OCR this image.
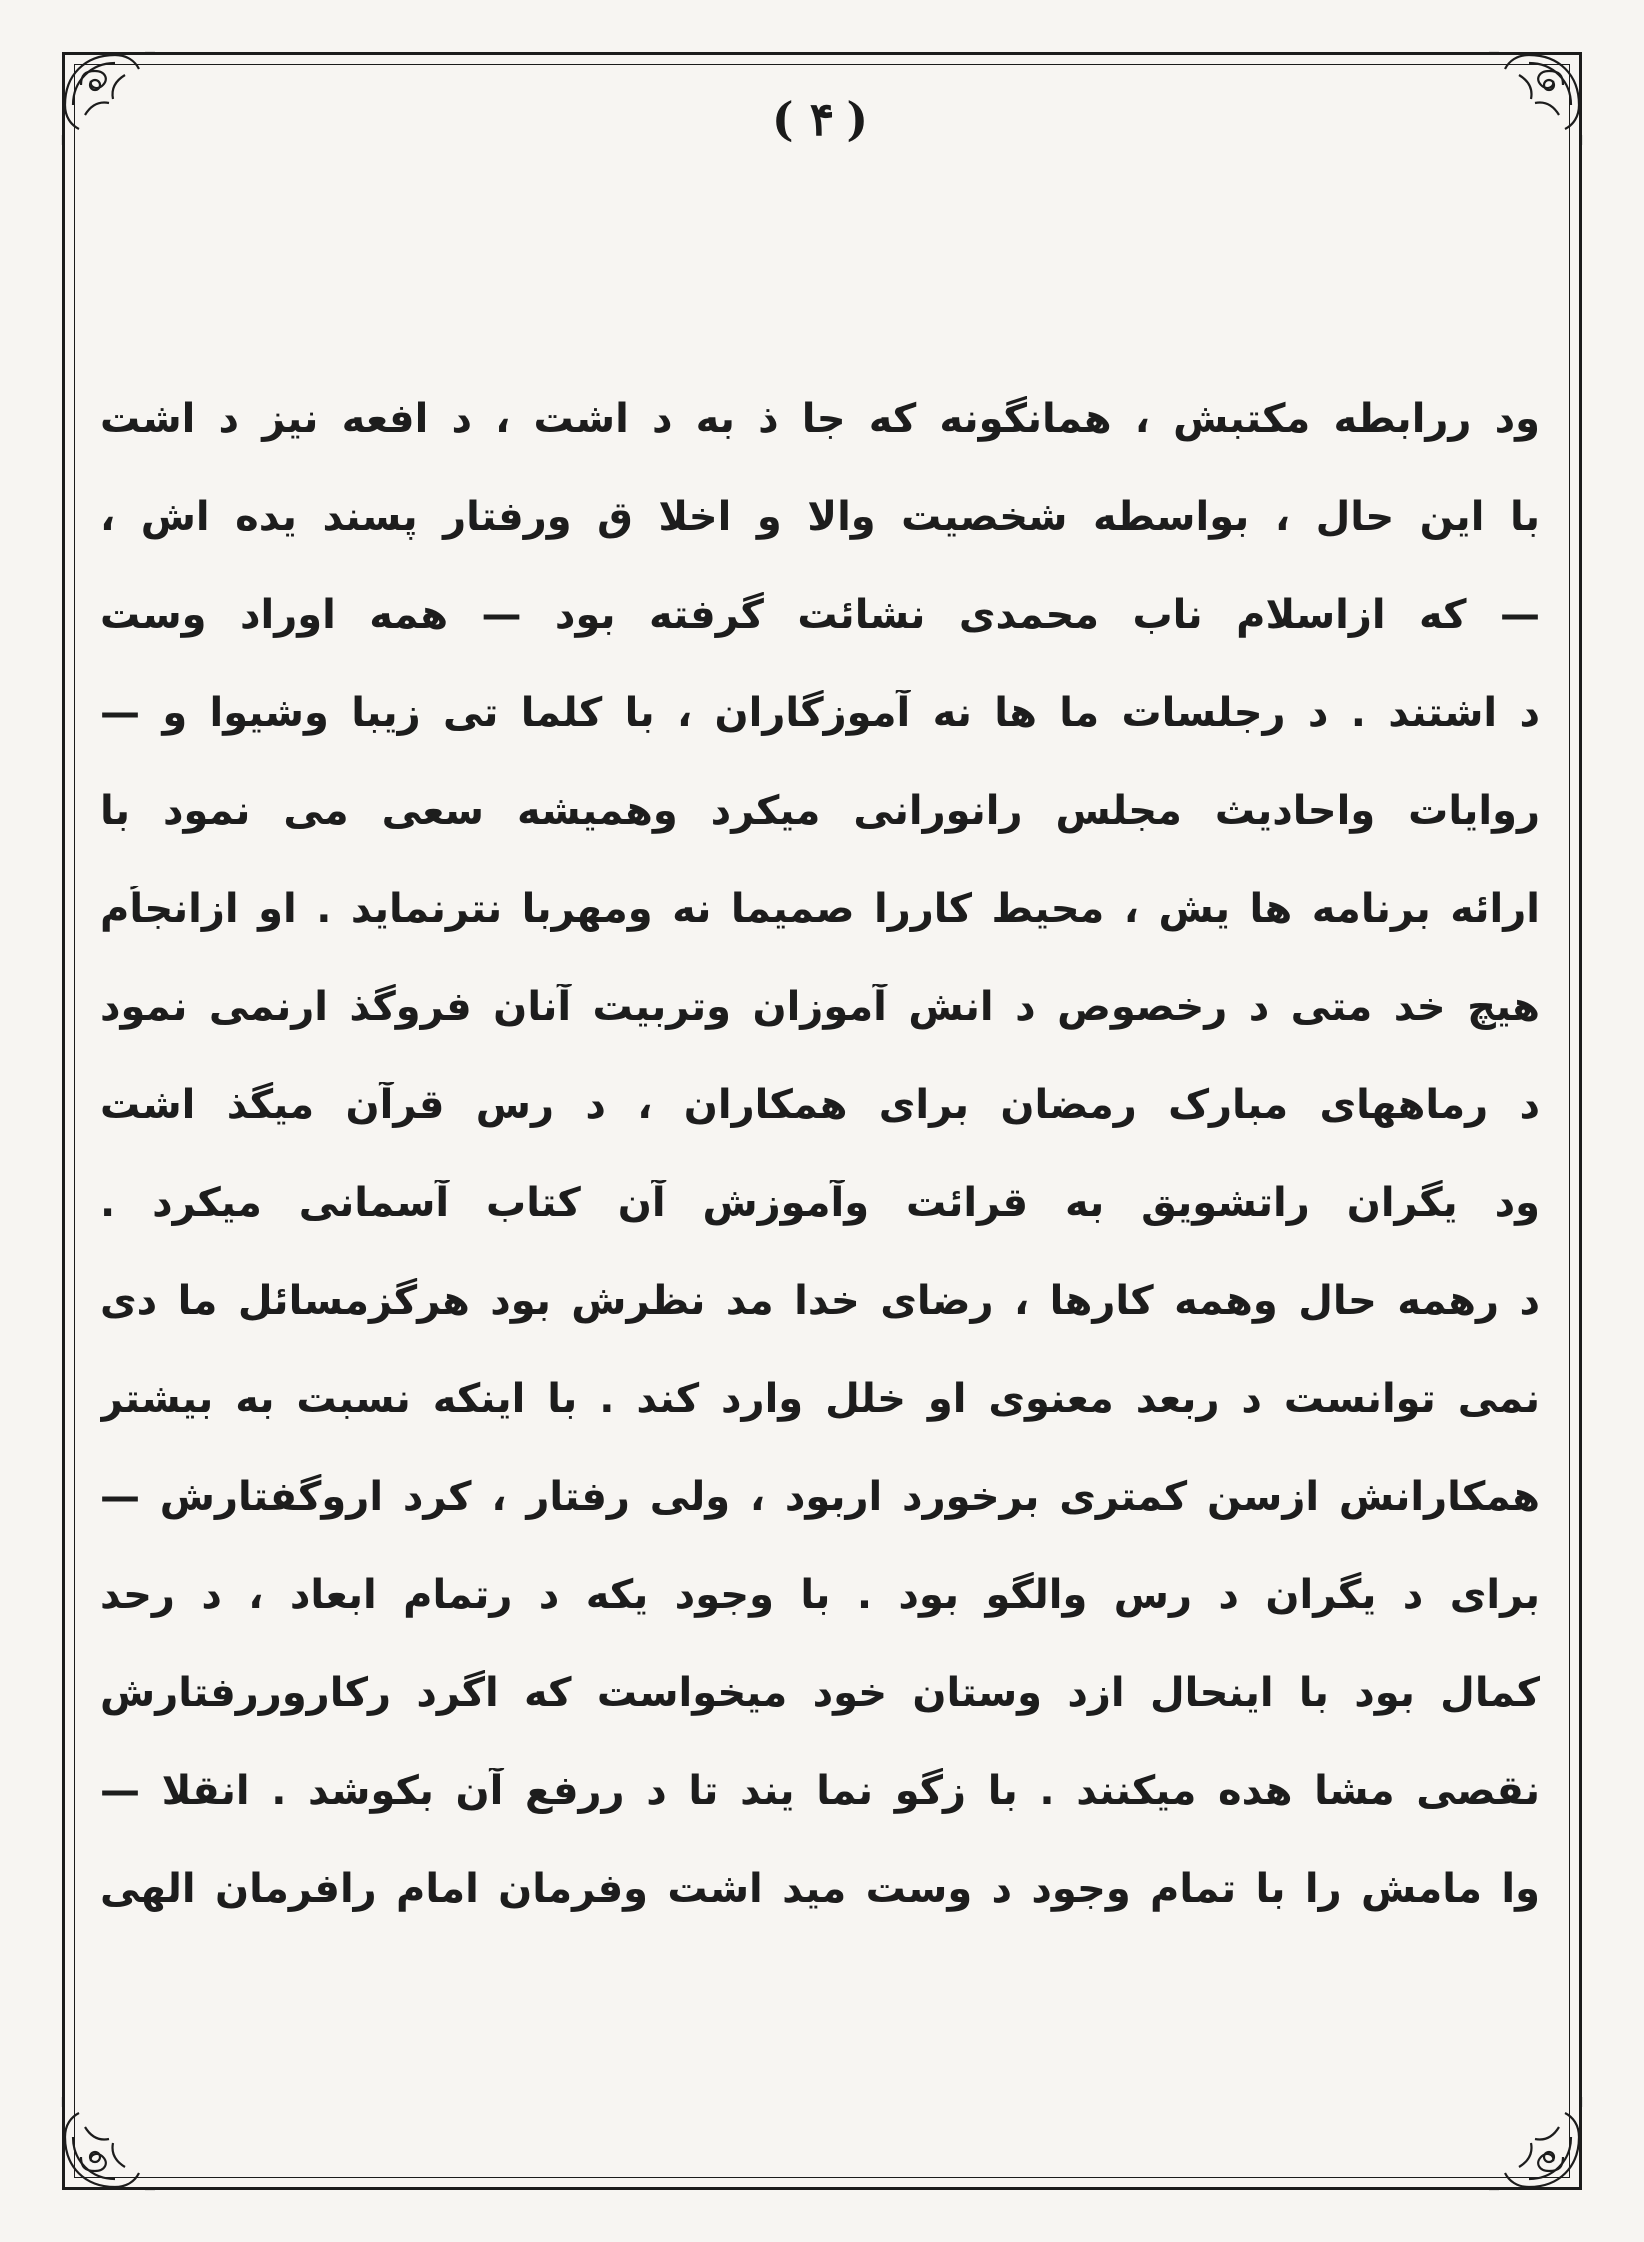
( ۴ )
ود ررابطه مکتبش ، همانگونه که جا ذ به د اشت ، د افعه نیز د اشت
با این حال ، بواسطه شخصیت والا و اخلا ق ورفتار پسند یده اش ،
— که ازاسلام ناب محمدی نشائت گرفته بود — همه اوراد وست
د اشتند . د رجلسات ما ها نه آموزگاران ، با کلما تی زیبا وشیوا و —
روایات واحادیث مجلس رانورانی میکرد وهمیشه سعی می نمود با
ارائه برنامه ها یش ، محیط کاررا صمیما نه ومهربا نترنماید . او ازانجاُم
هیچ خد متی د رخصوص د انش آموزان وتربیت آنان فروگذ ارنمی نمود
د رماههای مبارک رمضان برای همکاران ، د رس قرآن میگذ اشت
ود یگران راتشویق به قرائت وآموزش آن کتاب آسمانی میکرد .
د رهمه حال وهمه کارها ، رضای خدا مد نظرش بود هرگزمسائل ما دی
نمی توانست د ربعد معنوی او خلل وارد کند . با اینکه نسبت به بیشتر
همکارانش ازسن کمتری برخورد اربود ، ولی رفتار ، کرد اروگفتارش —
برای د یگران د رس والگو بود . با وجود یکه د رتمام ابعاد ، د رحد
کمال بود با اینحال ازد وستان خود میخواست که اگرد رکاروررفتارش
نقصی مشا هده میکنند . با زگو نما یند تا د ررفع آن بکوشد . انقلا —
وا مامش را با تمام وجود د وست مید اشت وفرمان امام رافرمان الهی
